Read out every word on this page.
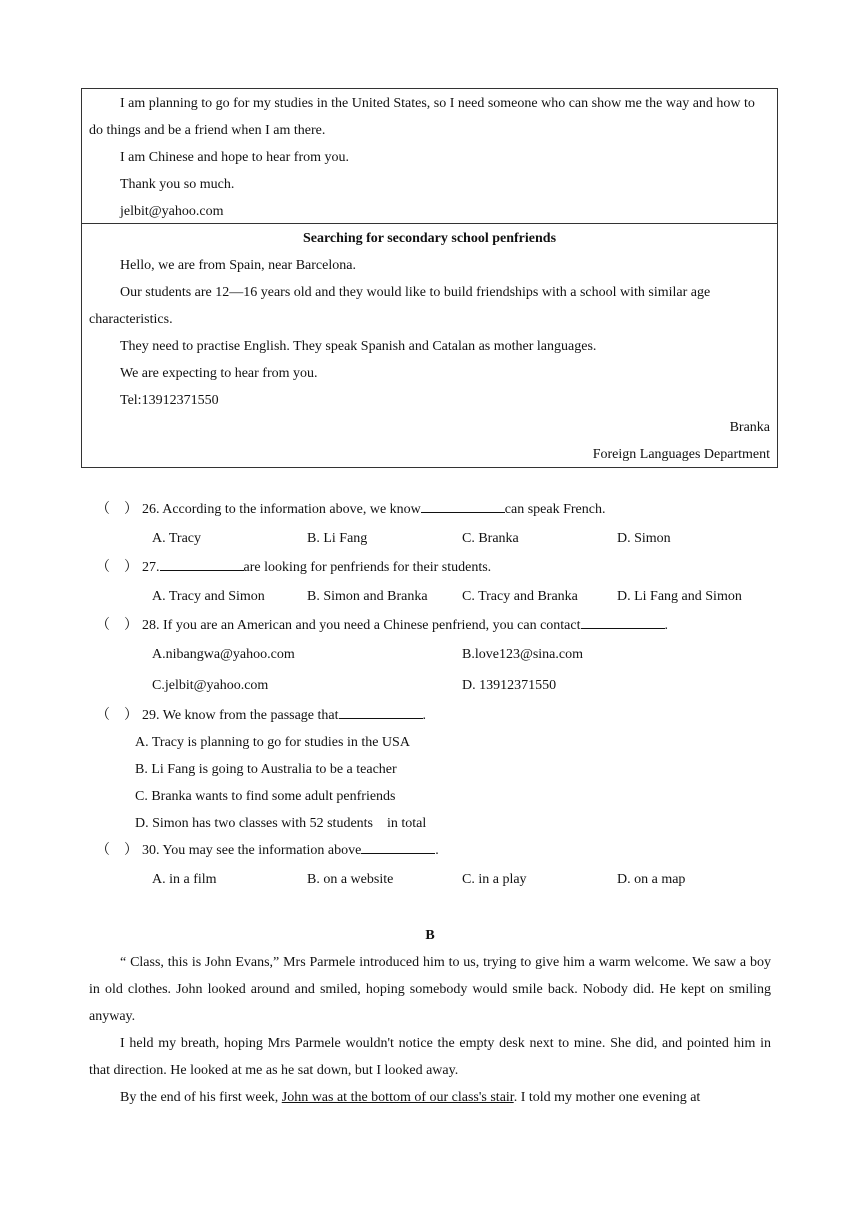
I am planning to go for my studies in the United States, so I need someone who can show me the way and how to do things and be a friend when I am there.

I am Chinese and hope to hear from you.

Thank you so much.

jelbit@yahoo.com

Searching for secondary school penfriends

Hello, we are from Spain, near Barcelona.

Our students are 12—16 years old and they would like to build friendships with a school with similar age characteristics.

They need to practise English. They speak Spanish and Catalan as mother languages.

We are expecting to hear from you.

Tel:13912371550

Branka

Foreign Languages Department

（　） 26. According to the information above, we know	can speak French.

A. Tracy	B. Li Fang	C. Branka	D. Simon

（　） 27.	are looking for penfriends for their students.

A. Tracy and Simon	B. Simon and Branka C. Tracy and Branka	D. Li Fang and Simon

（　） 28. If you are an American and you need a Chinese penfriend, you can contact	.

A.nibangwa@yahoo.com	B.love123@sina.com

C.jelbit@yahoo.com	D. 13912371550

（　） 29. We know from the passage that	.

A. Tracy is planning to go for studies in the USA

B. Li Fang is going to Australia to be a teacher

C. Branka wants to find some adult penfriends

D. Simon has two classes with 52 students　in total

（　） 30. You may see the information above	.

A. in a film	B. on a website	C. in a play	D. on a map

B

“ Class, this is John Evans,” Mrs Parmele introduced him to us, trying to give him a warm welcome. We saw a boy in old clothes. John looked around and smiled, hoping somebody would smile back. Nobody did. He kept on smiling anyway.

I held my breath, hoping Mrs Parmele wouldn't notice the empty desk next to mine. She did, and pointed him in that direction. He looked at me as he sat down, but I looked away.

By the end of his first week, John was at the bottom of our class's stair. I told my mother one evening at
